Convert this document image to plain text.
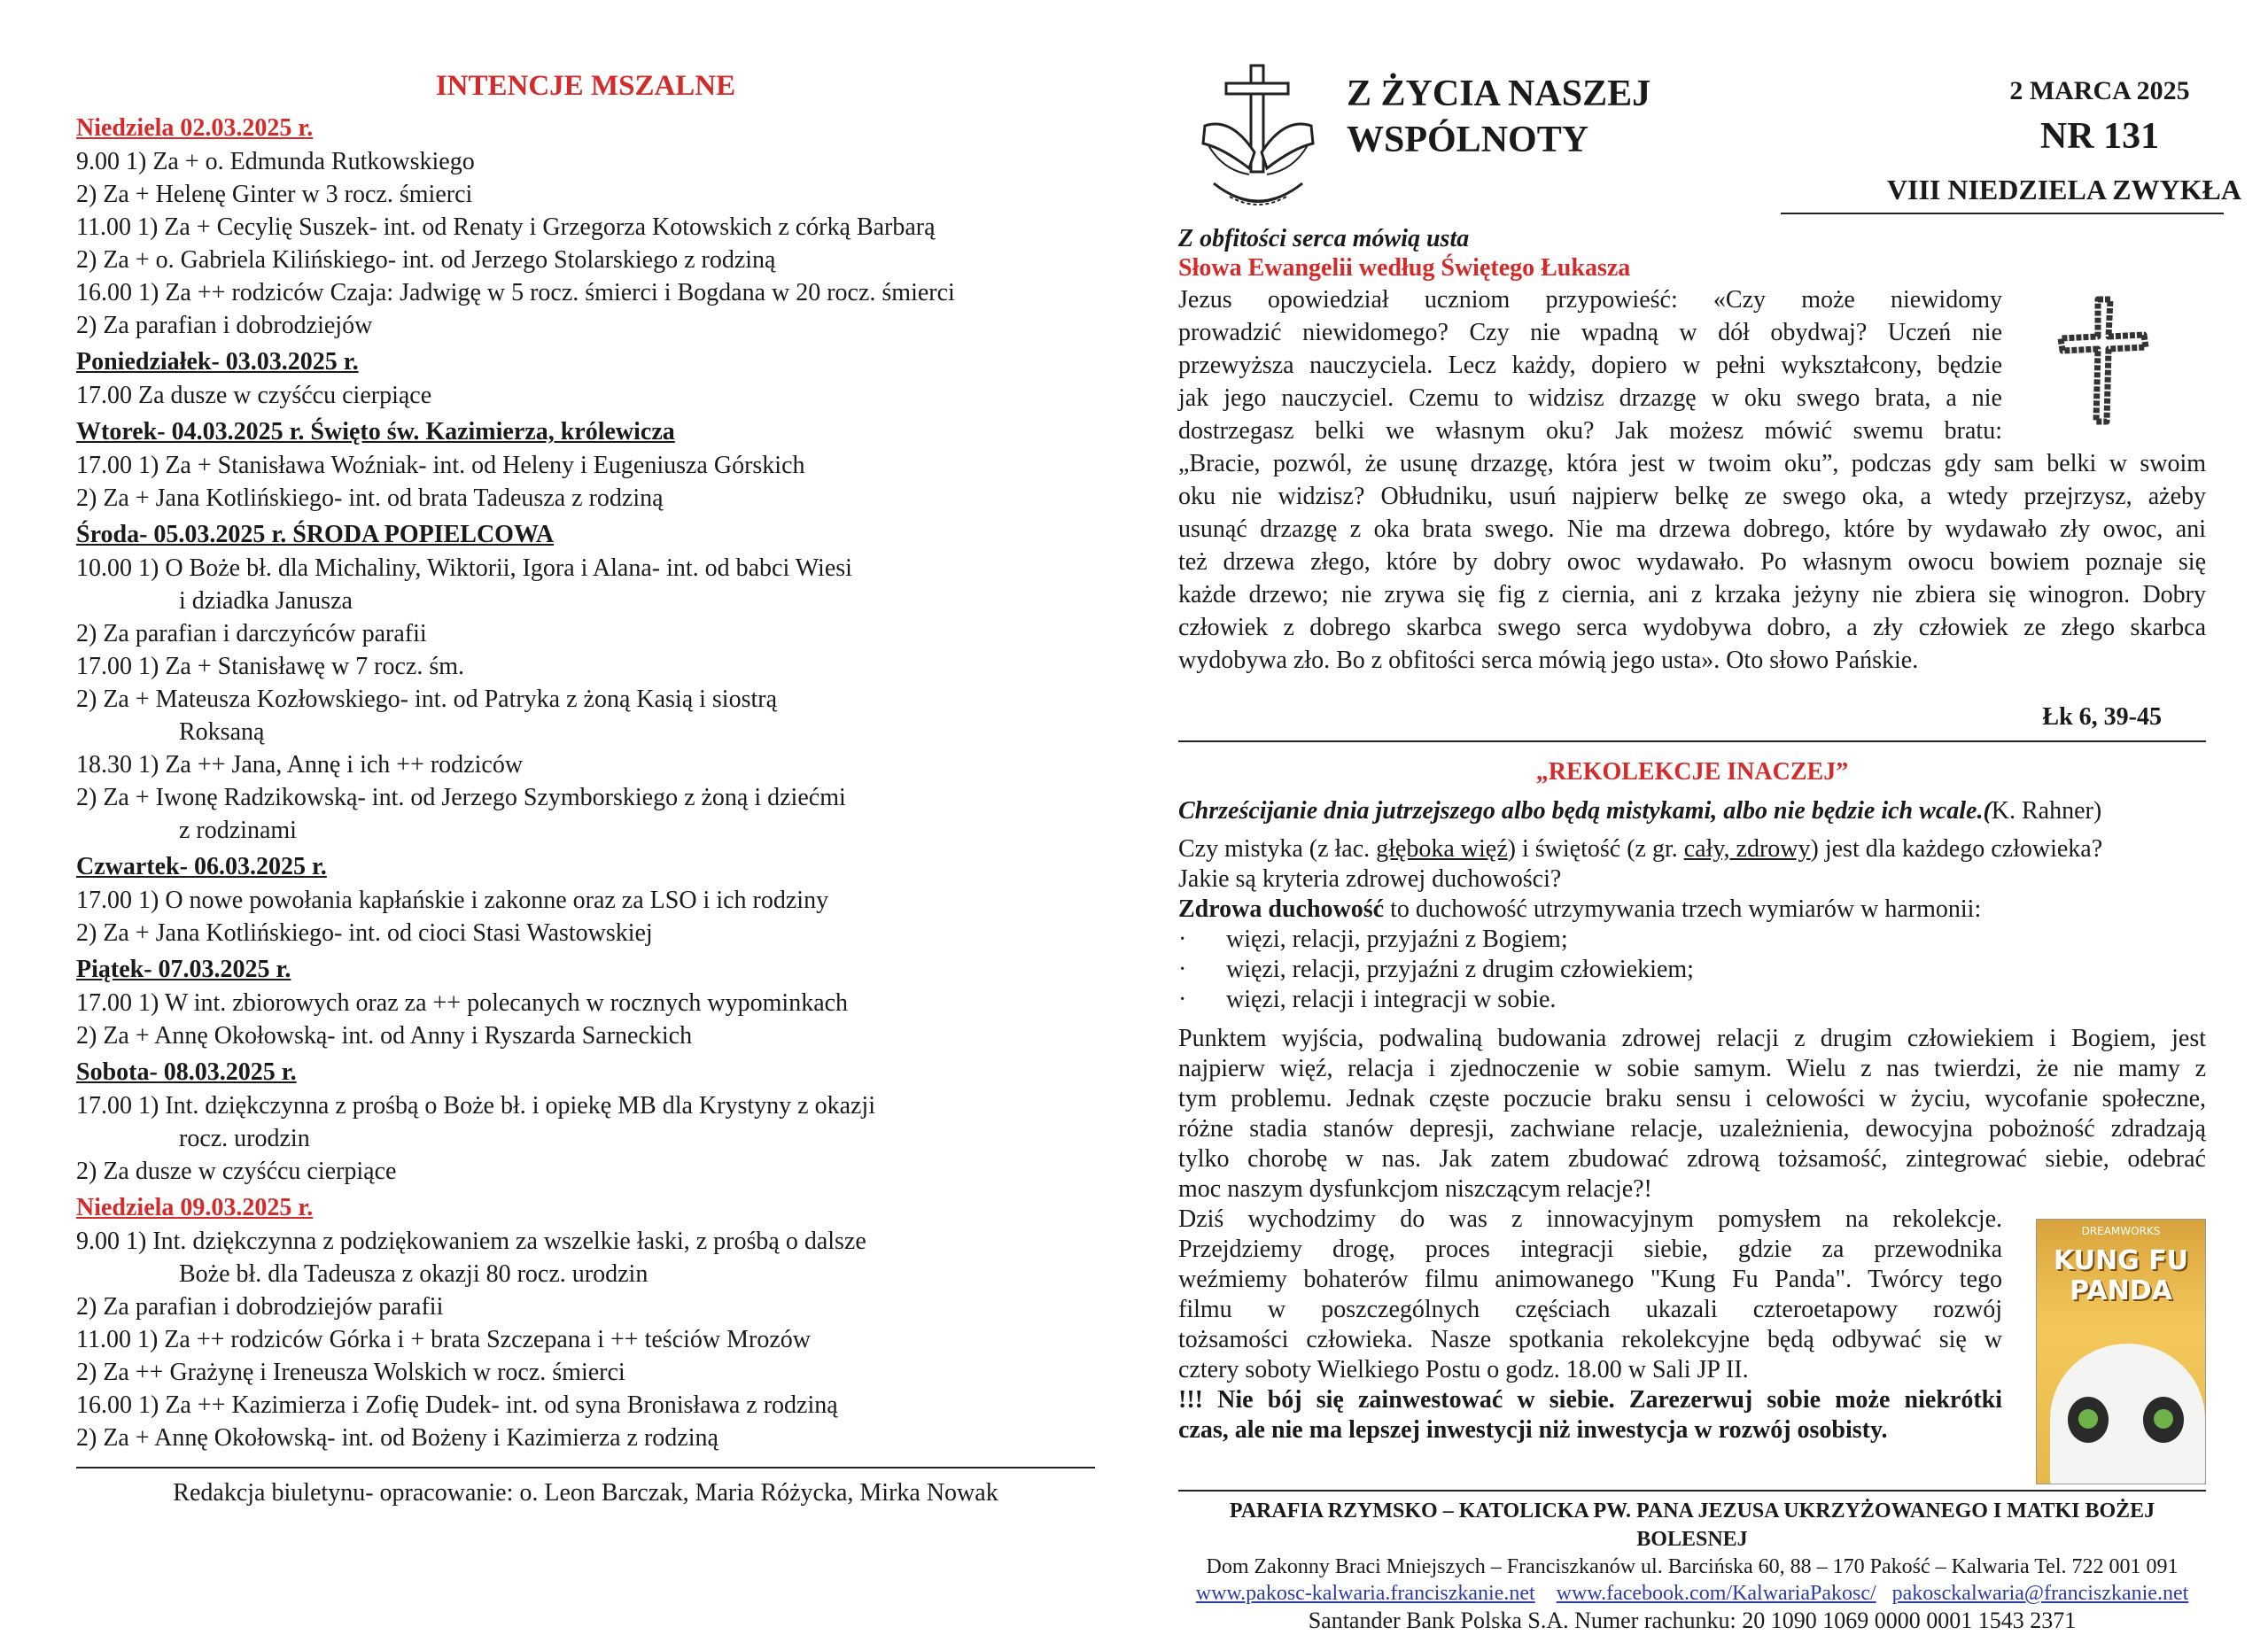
INTENCJE MSZALNE
Niedziela 02.03.2025 r.
9.00 1) Za + o. Edmunda Rutkowskiego
2) Za + Helenę Ginter w 3 rocz. śmierci
11.00 1) Za + Cecylię Suszek- int. od Renaty i Grzegorza Kotowskich z córką Barbarą
2) Za + o. Gabriela Kilińskiego- int. od Jerzego Stolarskiego z rodziną
16.00 1) Za ++ rodziców Czaja: Jadwigę w 5 rocz. śmierci i Bogdana w 20 rocz. śmierci
2) Za parafian i dobrodziejów
Poniedziałek- 03.03.2025 r.
17.00 Za dusze w czyśćcu cierpiące
Wtorek- 04.03.2025 r. Święto św. Kazimierza, królewicza
17.00 1) Za + Stanisława Woźniak- int. od Heleny i Eugeniusza Górskich
2) Za + Jana Kotlińskiego- int. od brata Tadeusza z rodziną
Środa- 05.03.2025 r. ŚRODA POPIELCOWA
10.00 1) O Boże bł. dla Michaliny, Wiktorii, Igora i Alana- int. od babci Wiesi
i dziadka Janusza
2) Za parafian i darczyńców parafii
17.00 1) Za + Stanisławę w 7 rocz. śm.
2) Za + Mateusza Kozłowskiego- int. od Patryka z żoną Kasią i siostrą
Roksaną
18.30 1) Za ++ Jana, Annę i ich ++ rodziców
2) Za + Iwonę Radzikowską- int. od Jerzego Szymborskiego z żoną i dziećmi
z rodzinami
Czwartek- 06.03.2025 r.
17.00 1) O nowe powołania kapłańskie i zakonne oraz za LSO i ich rodziny
2) Za + Jana Kotlińskiego- int. od cioci Stasi Wastowskiej
Piątek- 07.03.2025 r.
17.00 1) W int. zbiorowych oraz za ++ polecanych w rocznych wypominkach
2) Za + Annę Okołowską- int. od Anny i Ryszarda Sarneckich
Sobota- 08.03.2025 r.
17.00 1) Int. dziękczynna z prośbą o Boże bł. i opiekę MB dla Krystyny z okazji
rocz. urodzin
2) Za dusze w czyśćcu cierpiące
Niedziela 09.03.2025 r.
9.00 1) Int. dziękczynna z podziękowaniem za wszelkie łaski, z prośbą o dalsze
Boże bł. dla Tadeusza z okazji 80 rocz. urodzin
2) Za parafian i dobrodziejów parafii
11.00 1) Za ++ rodziców Górka i + brata Szczepana i ++ teściów Mrozów
2) Za ++ Grażynę i Ireneusza Wolskich w rocz. śmierci
16.00 1) Za ++ Kazimierza i Zofię Dudek- int. od syna Bronisława z rodziną
2) Za + Annę Okołowską- int. od Bożeny i Kazimierza z rodziną
Redakcja biuletynu- opracowanie: o. Leon Barczak, Maria Różycka, Mirka Nowak
Z ŻYCIA NASZEJ
WSPÓLNOTY
2 MARCA 2025
NR 131
VIII NIEDZIELA ZWYKŁA
Z obfitości serca mówią usta
Słowa Ewangelii według Świętego Łukasza
Jezus opowiedział uczniom przypowieść: «Czy może niewidomy
prowadzić niewidomego? Czy nie wpadną w dół obydwaj? Uczeń nie
przewyższa nauczyciela. Lecz każdy, dopiero w pełni wykształcony, będzie
jak jego nauczyciel. Czemu to widzisz drzazgę w oku swego brata, a nie
dostrzegasz belki we własnym oku? Jak możesz mówić swemu bratu:
„Bracie, pozwól, że usunę drzazgę, która jest w twoim oku”, podczas gdy sam belki w swoim
oku nie widzisz? Obłudniku, usuń najpierw belkę ze swego oka, a wtedy przejrzysz, ażeby
usunąć drzazgę z oka brata swego. Nie ma drzewa dobrego, które by wydawało zły owoc, ani
też drzewa złego, które by dobry owoc wydawało. Po własnym owocu bowiem poznaje się
każde drzewo; nie zrywa się fig z ciernia, ani z krzaka jeżyny nie zbiera się winogron. Dobry
człowiek z dobrego skarbca swego serca wydobywa dobro, a zły człowiek ze złego skarbca
wydobywa zło. Bo z obfitości serca mówią jego usta». Oto słowo Pańskie.
Łk 6, 39-45
„REKOLEKCJE INACZEJ”
Chrześcijanie dnia jutrzejszego albo będą mistykami, albo nie będzie ich wcale.(K. Rahner)
Czy mistyka (z łac. głęboka więź) i świętość (z gr. cały, zdrowy) jest dla każdego człowieka?
Jakie są kryteria zdrowej duchowości?
Zdrowa duchowość to duchowość utrzymywania trzech wymiarów w harmonii:
· więzi, relacji, przyjaźni z Bogiem;
· więzi, relacji, przyjaźni z drugim człowiekiem;
· więzi, relacji i integracji w sobie.
Punktem wyjścia, podwaliną budowania zdrowej relacji z drugim człowiekiem i Bogiem, jest
najpierw więź, relacja i zjednoczenie w sobie samym. Wielu z nas twierdzi, że nie mamy z
tym problemu. Jednak częste poczucie braku sensu i celowości w życiu, wycofanie społeczne,
różne stadia stanów depresji, zachwiane relacje, uzależnienia, dewocyjna pobożność zdradzają
tylko chorobę w nas. Jak zatem zbudować zdrową tożsamość, zintegrować siebie, odebrać
moc naszym dysfunkcjom niszczącym relacje?!
Dziś wychodzimy do was z innowacyjnym pomysłem na rekolekcje.
Przejdziemy drogę, proces integracji siebie, gdzie za przewodnika
weźmiemy bohaterów filmu animowanego "Kung Fu Panda". Twórcy tego
filmu w poszczególnych częściach ukazali czteroetapowy rozwój
tożsamości człowieka. Nasze spotkania rekolekcyjne będą odbywać się w
cztery soboty Wielkiego Postu o godz. 18.00 w Sali JP II.
!!! Nie bój się zainwestować w siebie. Zarezerwuj sobie może niekrótki
czas, ale nie ma lepszej inwestycji niż inwestycja w rozwój osobisty.
DREAMWORKS
KUNG FU
PANDA
PARAFIA RZYMSKO – KATOLICKA PW. PANA JEZUSA UKRZYŻOWANEGO I MATKI BOŻEJ BOLESNEJ
Dom Zakonny Braci Mniejszych – Franciszkanów ul. Barcińska 60, 88 – 170 Pakość – Kalwaria Tel. 722 001 091
www.pakosc-kalwaria.franciszkanie.net www.facebook.com/KalwariaPakosc/ pakosckalwaria@franciszkanie.net
Santander Bank Polska S.A. Numer rachunku: 20 1090 1069 0000 0001 1543 2371
